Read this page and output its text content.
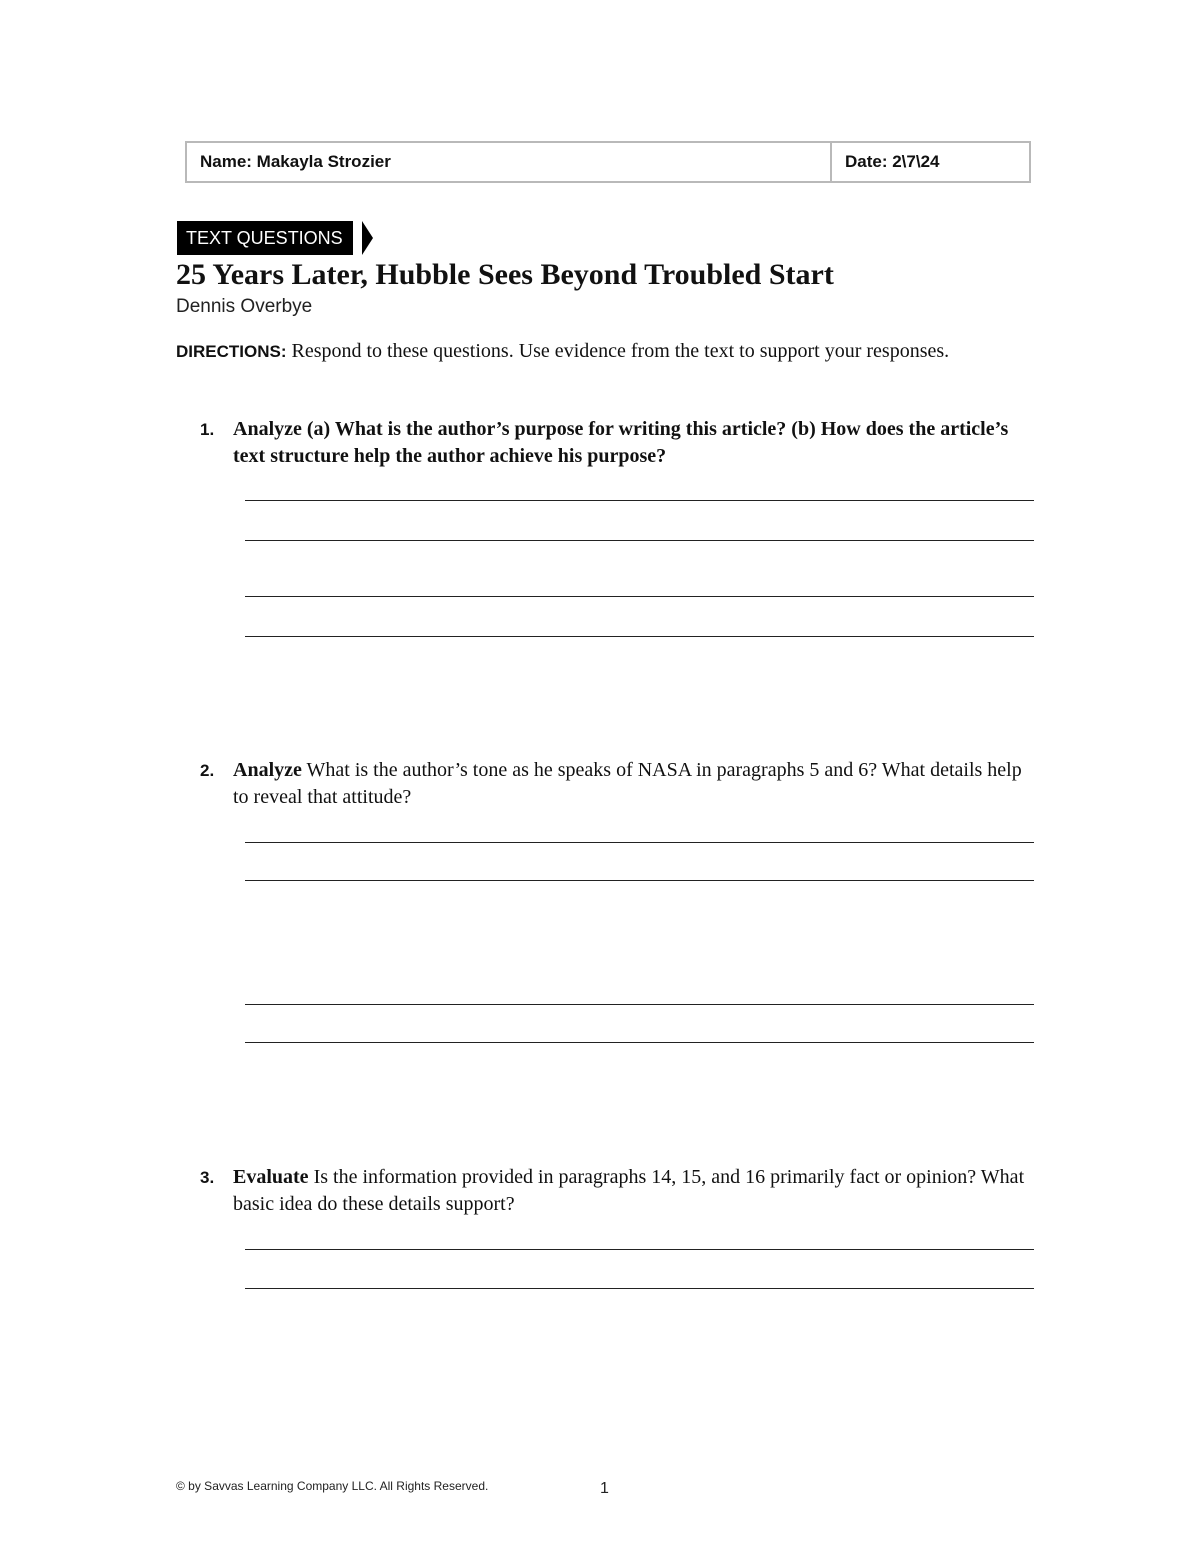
Name: Makayla Strozier	Date: 2\7\24
TEXT QUESTIONS
25 Years Later, Hubble Sees Beyond Troubled Start
Dennis Overbye
DIRECTIONS: Respond to these questions. Use evidence from the text to support your responses.
1. Analyze (a) What is the author’s purpose for writing this article? (b) How does the article’s text structure help the author achieve his purpose?
2. Analyze What is the author’s tone as he speaks of NASA in paragraphs 5 and 6? What details help to reveal that attitude?
3. Evaluate Is the information provided in paragraphs 14, 15, and 16 primarily fact or opinion? What basic idea do these details support?
© by Savvas Learning Company LLC. All Rights Reserved.	1
